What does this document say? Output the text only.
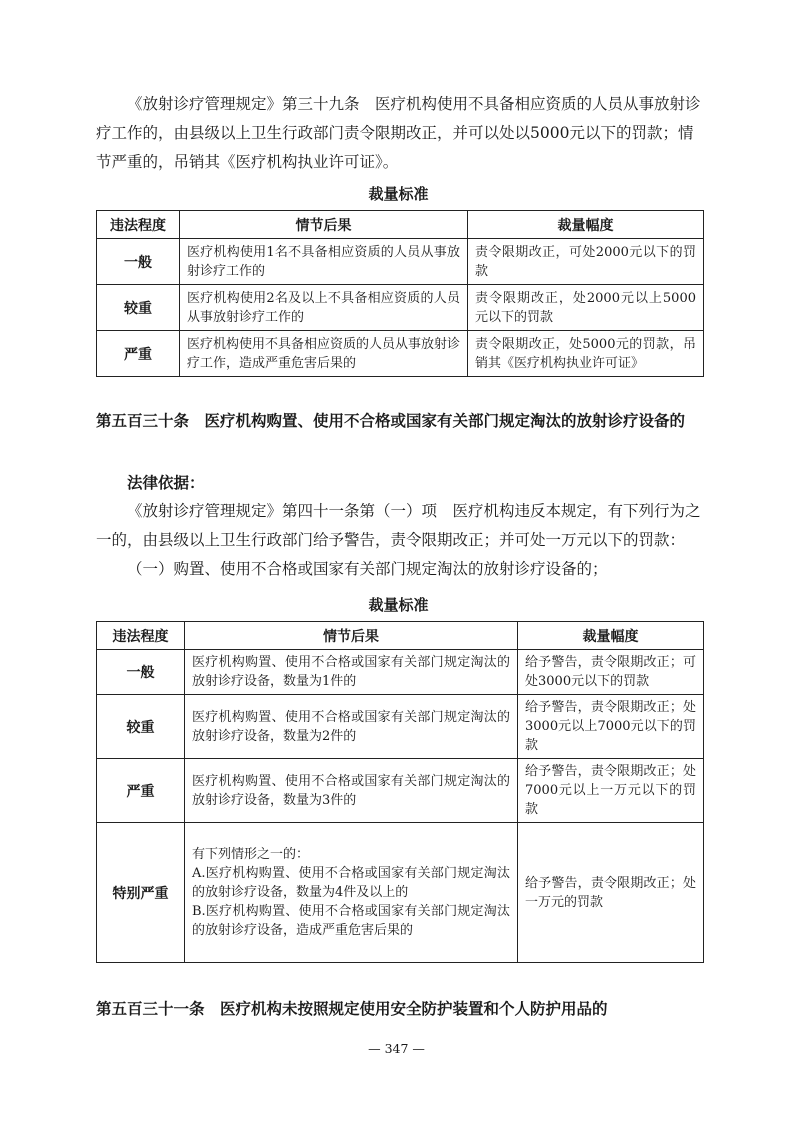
《放射诊疗管理规定》第三十九条　医疗机构使用不具备相应资质的人员从事放射诊疗工作的，由县级以上卫生行政部门责令限期改正，并可以处以5000元以下的罚款；情节严重的，吊销其《医疗机构执业许可证》。

裁量标准

违法程度	情节后果	裁量幅度
一般	医疗机构使用1名不具备相应资质的人员从事放射诊疗工作的	责令限期改正，可处2000元以下的罚款
较重	医疗机构使用2名及以上不具备相应资质的人员从事放射诊疗工作的	责令限期改正，处2000元以上5000元以下的罚款
严重	医疗机构使用不具备相应资质的人员从事放射诊疗工作，造成严重危害后果的	责令限期改正，处5000元的罚款，吊销其《医疗机构执业许可证》

第五百三十条　医疗机构购置、使用不合格或国家有关部门规定淘汰的放射诊疗设备的

法律依据：

《放射诊疗管理规定》第四十一条第（一）项　医疗机构违反本规定，有下列行为之一的，由县级以上卫生行政部门给予警告，责令限期改正；并可处一万元以下的罚款：

（一）购置、使用不合格或国家有关部门规定淘汰的放射诊疗设备的；

裁量标准

违法程度	情节后果	裁量幅度
一般	医疗机构购置、使用不合格或国家有关部门规定淘汰的放射诊疗设备，数量为1件的	给予警告，责令限期改正；可处3000元以下的罚款
较重	医疗机构购置、使用不合格或国家有关部门规定淘汰的放射诊疗设备，数量为2件的	给予警告，责令限期改正；处3000元以上7000元以下的罚款
严重	医疗机构购置、使用不合格或国家有关部门规定淘汰的放射诊疗设备，数量为3件的	给予警告，责令限期改正；处7000元以上一万元以下的罚款
特别严重	有下列情形之一的：
A.医疗机构购置、使用不合格或国家有关部门规定淘汰的放射诊疗设备，数量为4件及以上的
B.医疗机构购置、使用不合格或国家有关部门规定淘汰的放射诊疗设备，造成严重危害后果的	给予警告，责令限期改正；处一万元的罚款

第五百三十一条　医疗机构未按照规定使用安全防护装置和个人防护用品的

— 347 —
